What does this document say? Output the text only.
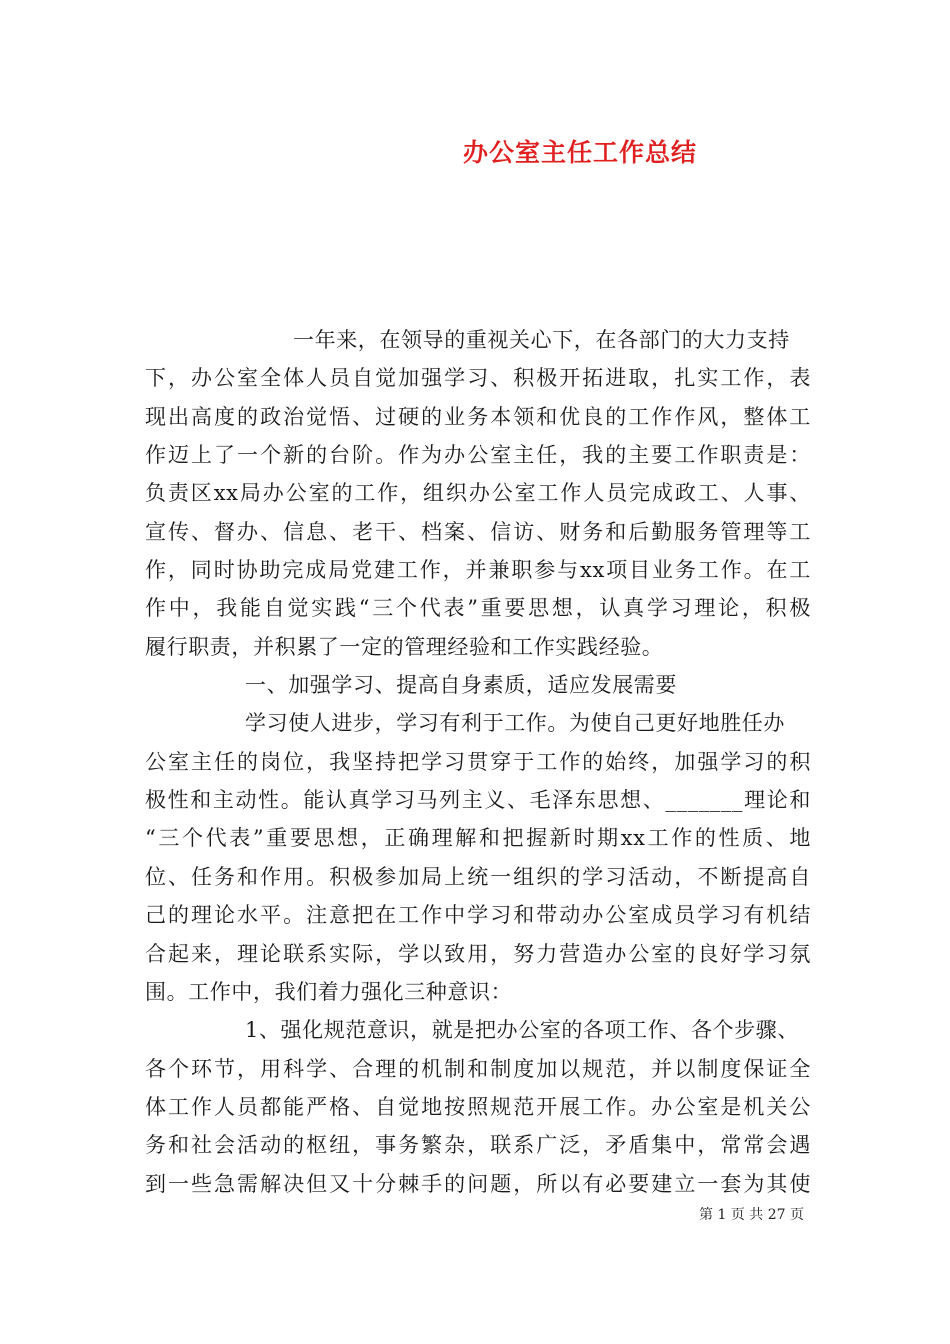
办公室主任工作总结
一年来，在领导的重视关心下，在各部门的大力支持
下，办公室全体人员自觉加强学习、积极开拓进取，扎实工作，表
现出高度的政治觉悟、过硬的业务本领和优良的工作作风，整体工
作迈上了一个新的台阶。作为办公室主任，我的主要工作职责是：
负责区xx局办公室的工作，组织办公室工作人员完成政工、人事、
宣传、督办、信息、老干、档案、信访、财务和后勤服务管理等工
作，同时协助完成局党建工作，并兼职参与xx项目业务工作。在工
作中，我能自觉实践“三个代表”重要思想，认真学习理论，积极
履行职责，并积累了一定的管理经验和工作实践经验。
一、加强学习、提高自身素质，适应发展需要
学习使人进步，学习有利于工作。为使自己更好地胜任办
公室主任的岗位，我坚持把学习贯穿于工作的始终，加强学习的积
极性和主动性。能认真学习马列主义、毛泽东思想、_______理论和
“三个代表”重要思想，正确理解和把握新时期xx工作的性质、地
位、任务和作用。积极参加局上统一组织的学习活动，不断提高自
己的理论水平。注意把在工作中学习和带动办公室成员学习有机结
合起来，理论联系实际，学以致用，努力营造办公室的良好学习氛
围。工作中，我们着力强化三种意识：
1、强化规范意识，就是把办公室的各项工作、各个步骤、
各个环节，用科学、合理的机制和制度加以规范，并以制度保证全
体工作人员都能严格、自觉地按照规范开展工作。办公室是机关公
务和社会活动的枢纽，事务繁杂，联系广泛，矛盾集中，常常会遇
到一些急需解决但又十分棘手的问题，所以有必要建立一套为其使
第 1 页 共 27 页
